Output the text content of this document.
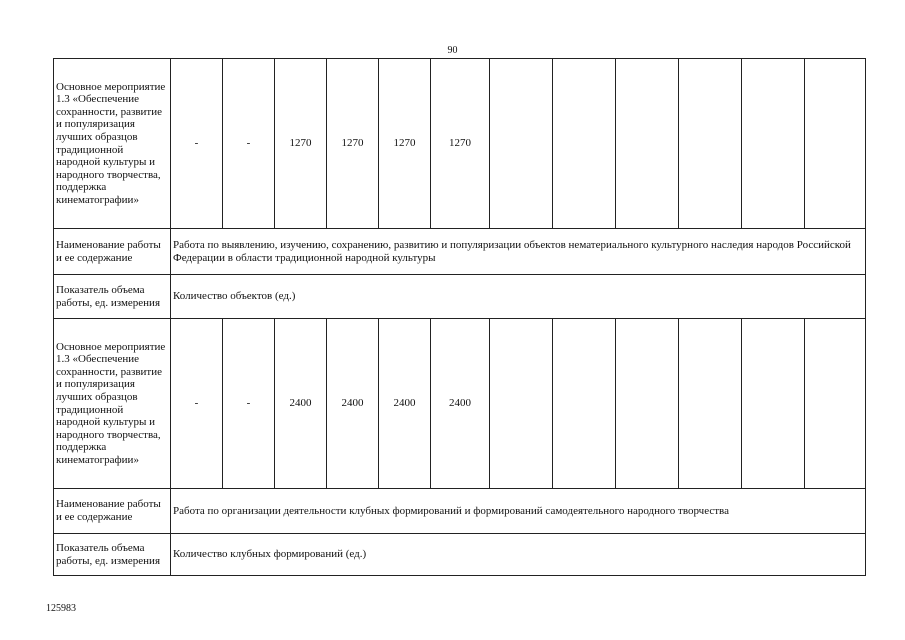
90
Основное мероприятие 1.3 «Обеспечение сохранности, развитие и популяризация лучших образцов традиционной народной культуры и народного творчества, поддержка кинематографии»	-	-	1270	1270	1270	1270						
Наименование работы и ее содержание	Работа по выявлению, изучению, сохранению, развитию и популяризации объектов нематериального культурного наследия народов Российской Федерации в области традиционной народной культуры											
Показатель объема работы, ед. измерения	Количество объектов (ед.)											
Основное мероприятие 1.3 «Обеспечение сохранности, развитие и популяризация лучших образцов традиционной народной культуры и народного творчества, поддержка кинематографии»	-	-	2400	2400	2400	2400						
Наименование работы и ее содержание	Работа по организации деятельности клубных формирований и формирований самодеятельного народного творчества											
Показатель объема работы, ед. измерения	Количество клубных формирований (ед.)											
125983
